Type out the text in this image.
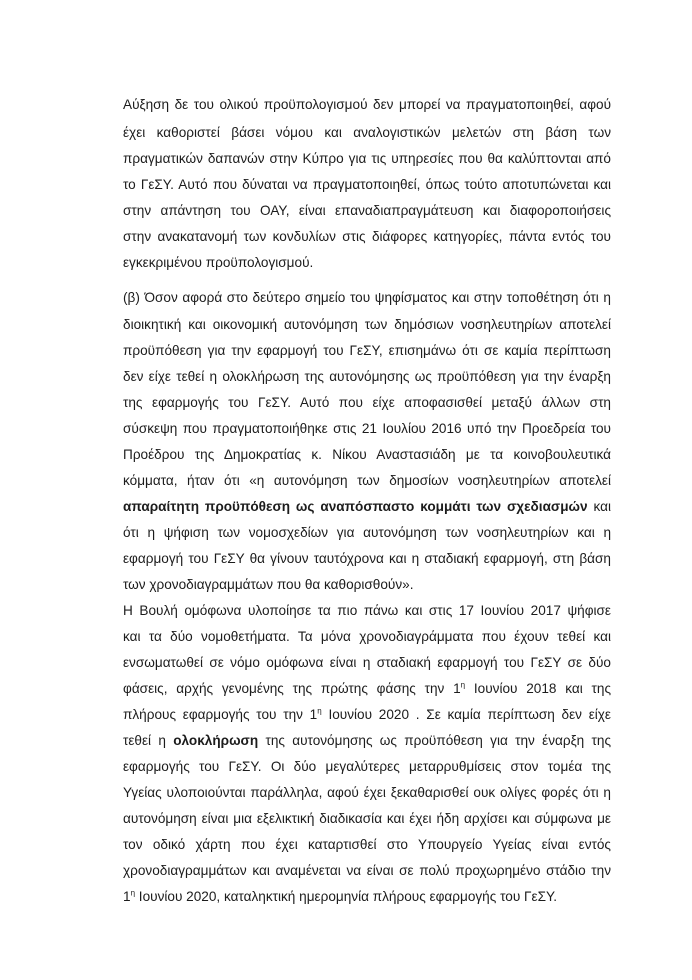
Αύξηση δε του ολικού προϋπολογισμού δεν μπορεί να πραγματοποιηθεί, αφού

έχει καθοριστεί βάσει νόμου και αναλογιστικών μελετών στη βάση των

πραγματικών δαπανών στην Κύπρο για τις υπηρεσίες που θα καλύπτονται από

το ΓεΣΥ. Αυτό που δύναται να πραγματοποιηθεί, όπως τούτο αποτυπώνεται και

στην απάντηση του ΟΑΥ, είναι επαναδιαπραγμάτευση και διαφοροποιήσεις

στην ανακατανομή των κονδυλίων στις διάφορες κατηγορίες, πάντα εντός του

εγκεκριμένου προϋπολογισμού.

(β) Όσον αφορά στο δεύτερο σημείο του ψηφίσματος και στην τοποθέτηση ότι η

διοικητική και οικονομική αυτονόμηση των δημόσιων νοσηλευτηρίων αποτελεί

προϋπόθεση για την εφαρμογή του ΓεΣΥ, επισημάνω ότι σε καμία περίπτωση

δεν είχε τεθεί η ολοκλήρωση της αυτονόμησης ως προϋπόθεση για την έναρξη

της εφαρμογής του ΓεΣΥ. Αυτό που είχε αποφασισθεί μεταξύ άλλων στη

σύσκεψη που πραγματοποιήθηκε στις 21 Ιουλίου 2016 υπό την Προεδρεία του

Προέδρου της Δημοκρατίας κ. Νίκου Αναστασιάδη με τα κοινοβουλευτικά

κόμματα, ήταν ότι «η αυτονόμηση των δημοσίων νοσηλευτηρίων αποτελεί

απαραίτητη προϋπόθεση ως αναπόσπαστο κομμάτι των σχεδιασμών και

ότι η ψήφιση των νομοσχεδίων για αυτονόμηση των νοσηλευτηρίων και η

εφαρμογή του ΓεΣΥ θα γίνουν ταυτόχρονα και η σταδιακή εφαρμογή, στη βάση

των χρονοδιαγραμμάτων που θα καθορισθούν».

Η Βουλή ομόφωνα υλοποίησε τα πιο πάνω και στις 17 Ιουνίου 2017 ψήφισε

και τα δύο νομοθετήματα. Τα μόνα χρονοδιαγράμματα που έχουν τεθεί και

ενσωματωθεί σε νόμο ομόφωνα είναι η σταδιακή εφαρμογή του ΓεΣΥ σε δύο

φάσεις, αρχής γενομένης της πρώτης φάσης την $1^\eta$ Ιουνίου 2018 και της

πλήρους εφαρμογής του την $1^\eta$ Ιουνίου 2020 . Σε καμία περίπτωση δεν είχε

τεθεί η ολοκλήρωση της αυτονόμησης ως προϋπόθεση για την έναρξη της

εφαρμογής του ΓεΣΥ. Οι δύο μεγαλύτερες μεταρρυθμίσεις στον τομέα της

Υγείας υλοποιούνται παράλληλα, αφού έχει ξεκαθαρισθεί ουκ ολίγες φορές ότι η

αυτονόμηση είναι μια εξελικτική διαδικασία και έχει ήδη αρχίσει και σύμφωνα με

τον οδικό χάρτη που έχει καταρτισθεί στο Υπουργείο Υγείας είναι εντός

χρονοδιαγραμμάτων και αναμένεται να είναι σε πολύ προχωρημένο στάδιο την

$1^\eta$ Ιουνίου 2020, καταληκτική ημερομηνία πλήρους εφαρμογής του ΓεΣΥ.
